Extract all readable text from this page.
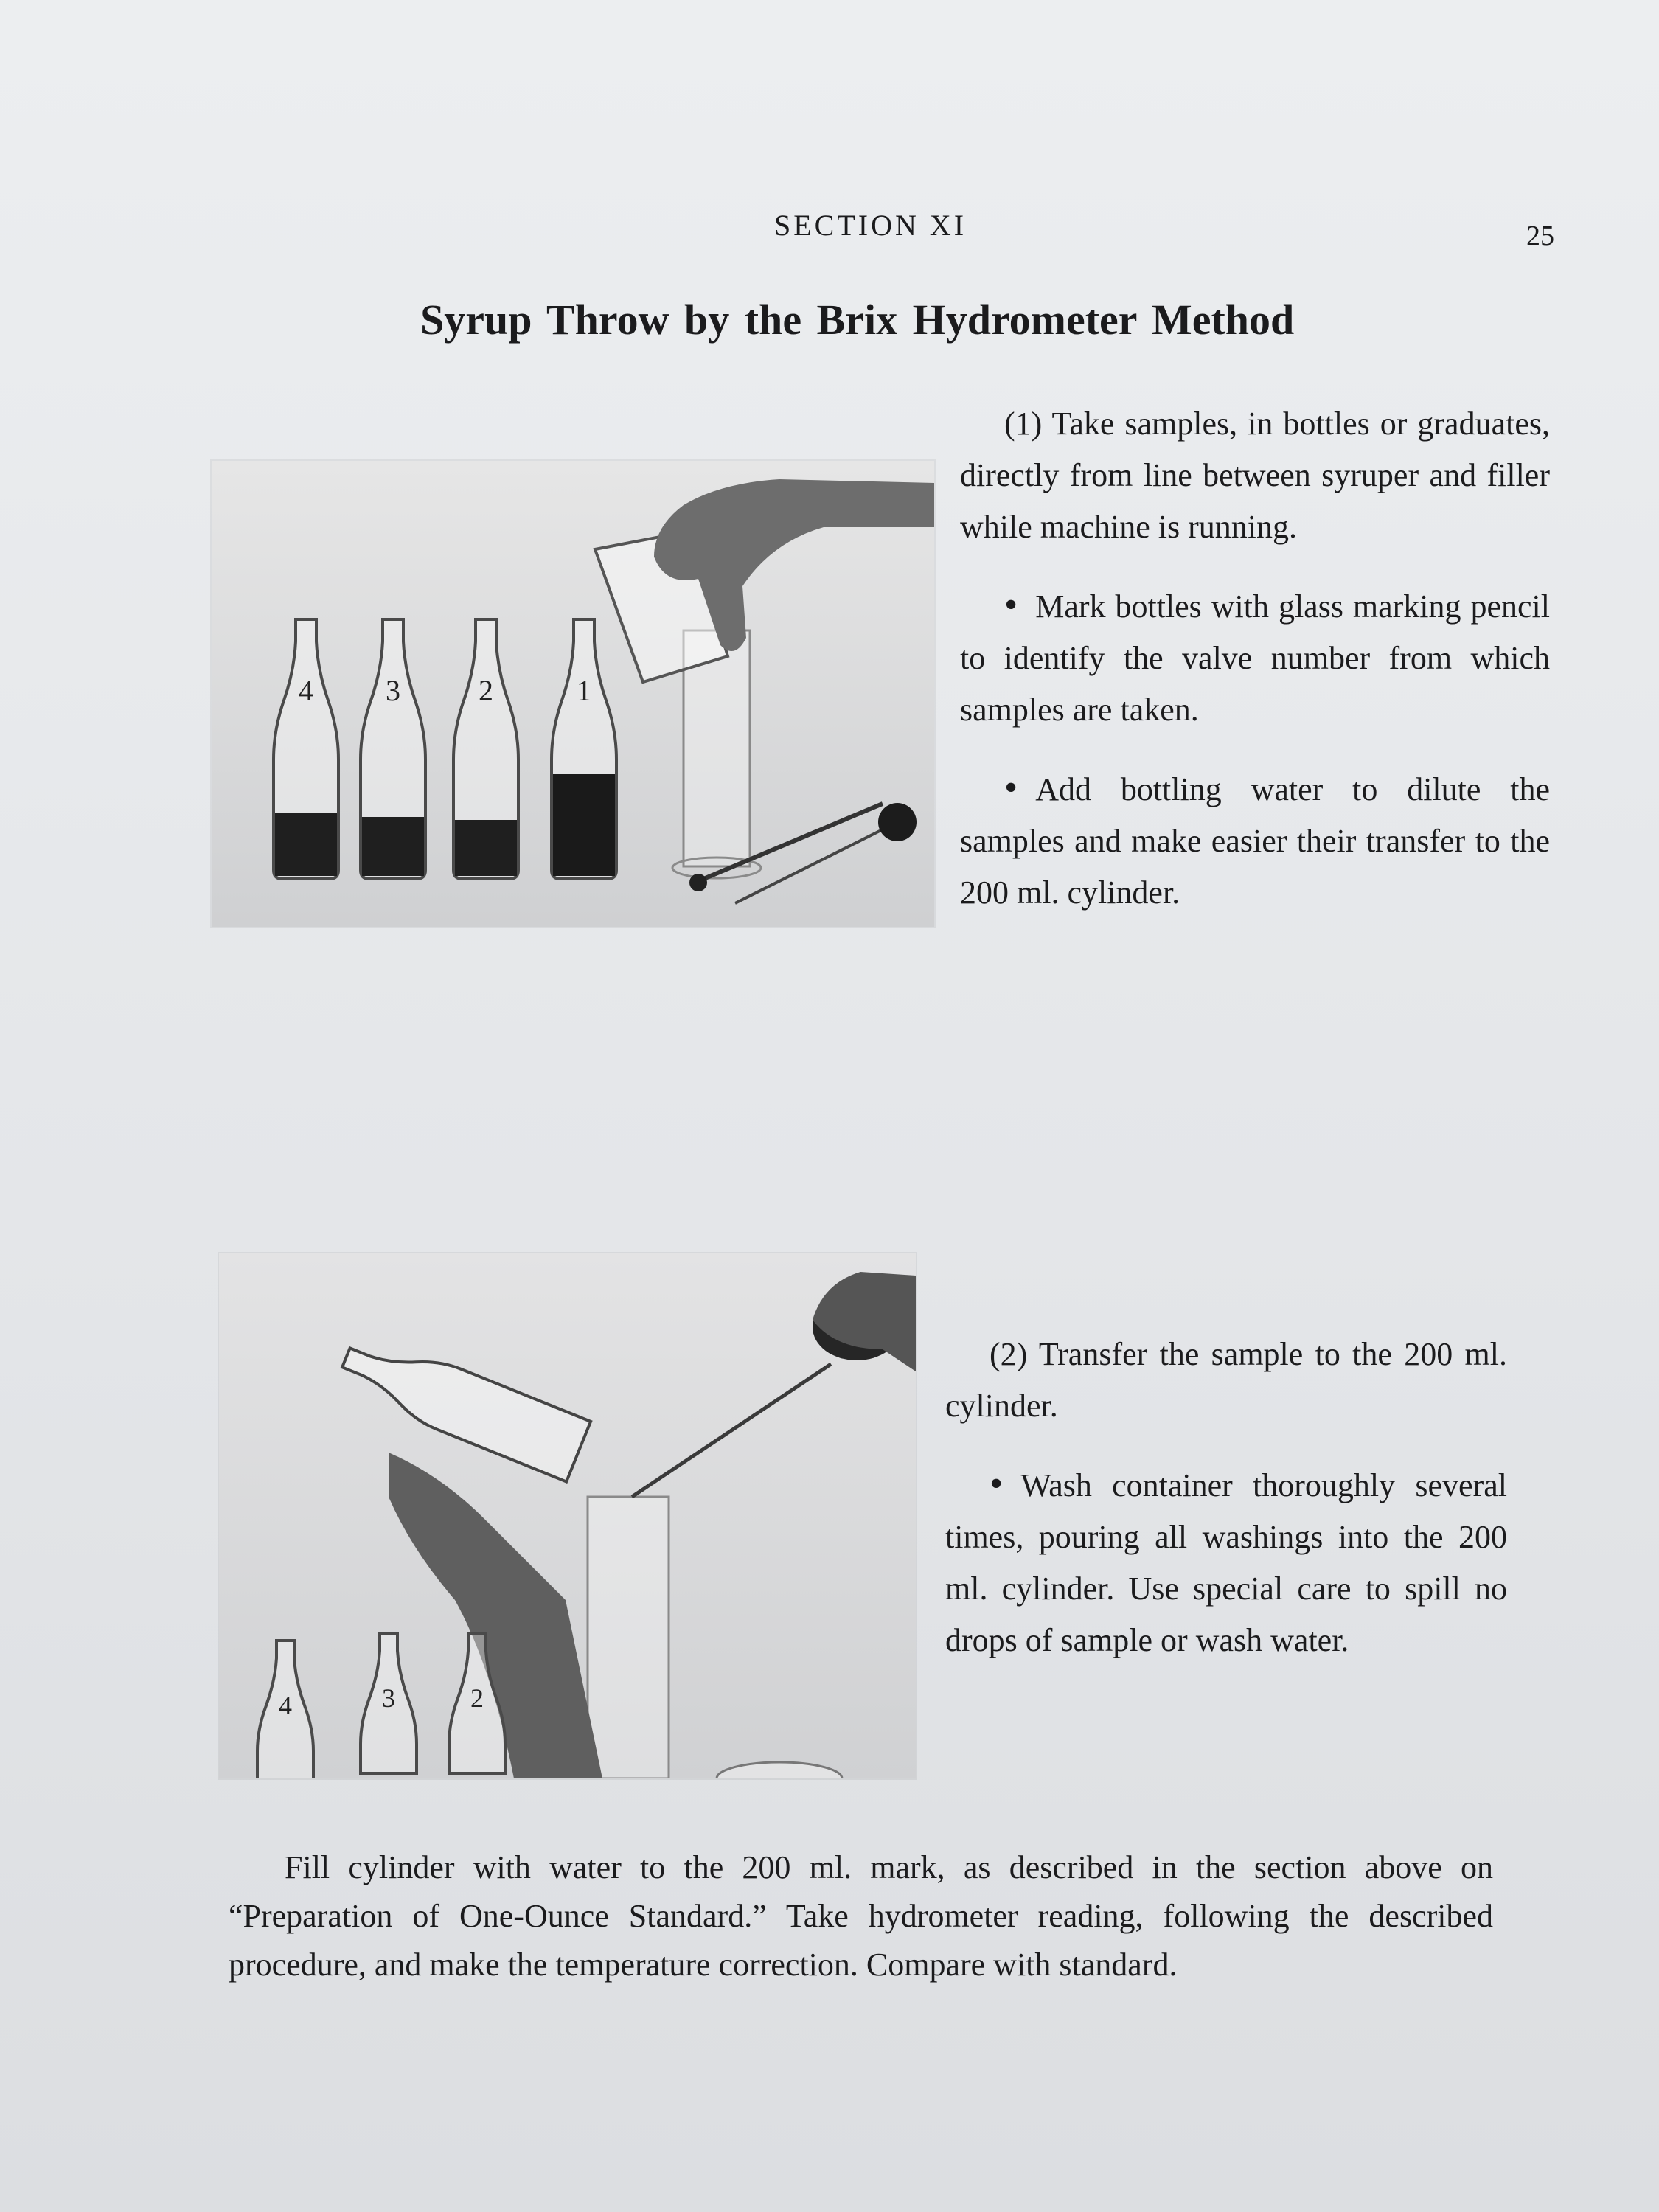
SECTION XI	25
Syrup Throw by the Brix Hydrometer Method
4 3	2	1

(1) Take samples, in bottles or graduates, directly from line between syruper and filler while machine is running.

• Mark bottles with glass marking pencil to identify the valve number from which samples are taken.

• Add bottling water to dilute the samples and make easier their transfer to the 200 ml. cylinder.

4	3	2

(2) Transfer the sample to the 200 ml. cylinder.

• Wash container thoroughly several times, pouring all washings into the 200 ml. cylinder. Use special care to spill no drops of sample or wash water.

Fill cylinder with water to the 200 ml. mark, as described in the section above on “Preparation of One-Ounce Standard.” Take hydrometer reading, following the described procedure, and make the temperature correction. Compare with standard.
